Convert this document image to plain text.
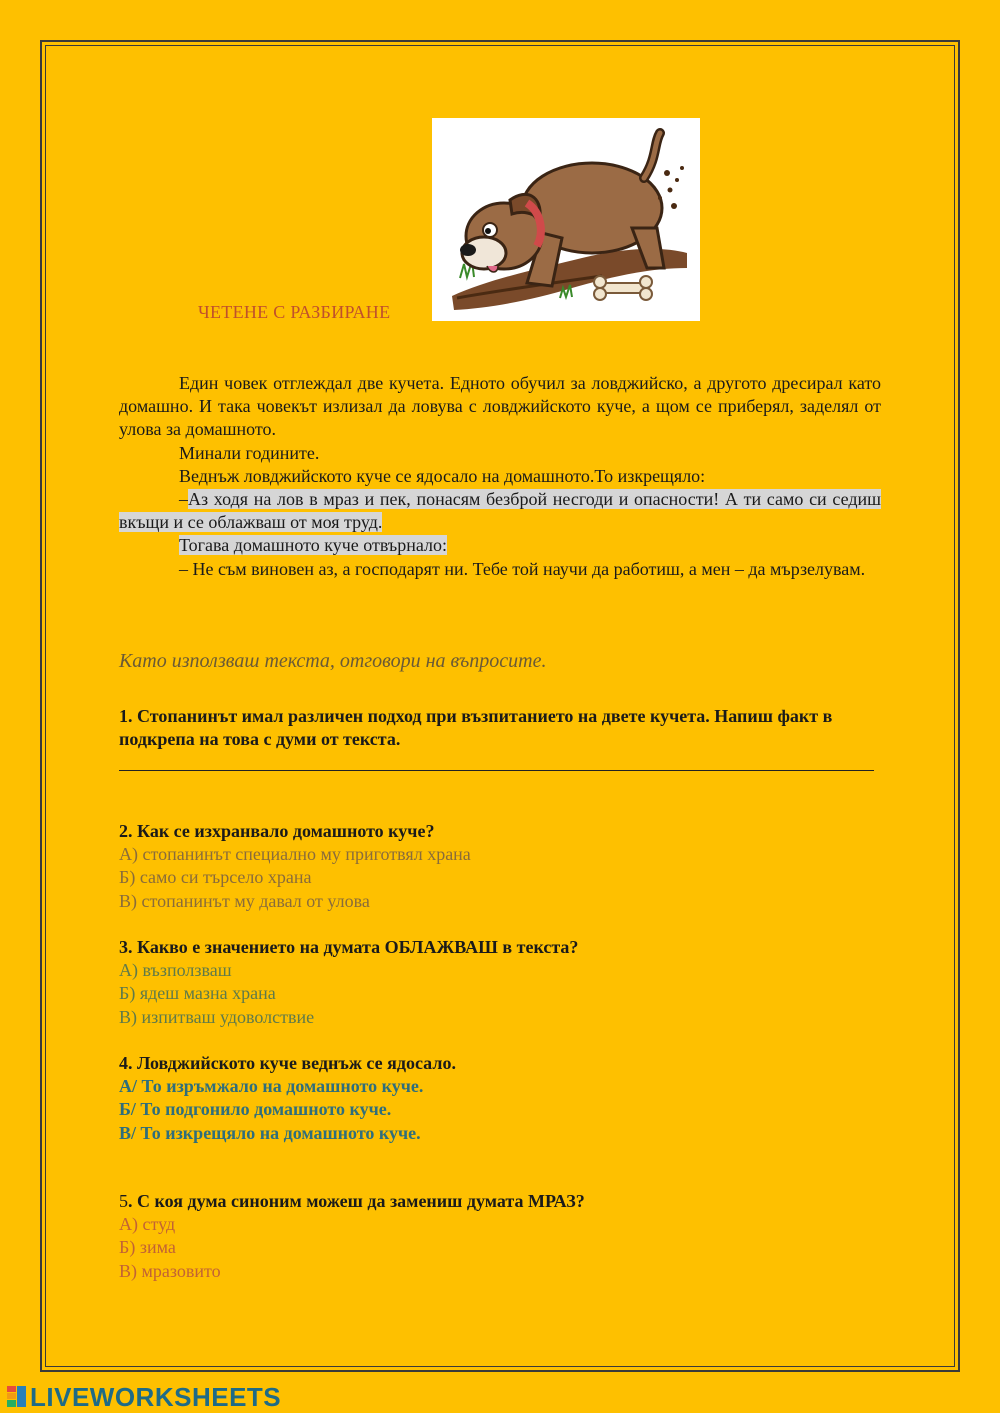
ЧЕТЕНЕ С РАЗБИРАНЕ

Един човек отглеждал две кучета. Едното обучил за ловджийско, а другото дресирал като домашно. И така човекът излизал да ловува с ловджийското куче, а щом се приберял, заделял от улова за домашното.

Минали годините.

Веднъж ловджийското куче се ядосало на домашното.То изкрещяло:

–Аз ходя на лов в мраз и пек, понасям безброй несгоди и опасности! А ти само си седиш вкъщи и се облажваш от моя труд.

Тогава домашното куче отвърнало:

– Не съм виновен аз, а господарят ни. Тебе той научи да работиш, а мен – да мързелувам.

Като използваш текста, отговори на въпросите.
1. Стопанинът имал различен подход при възпитанието на двете кучета. Напиш факт в подкрепа на това с думи от текста.
2. Как се изхранвало домашното куче?
А) стопанинът специално му приготвял храна
Б) само си търсело храна
В) стопанинът му давал от улова
3. Какво е значението на думата ОБЛАЖВАШ в текста?
А) възползваш
Б) ядеш мазна храна
В) изпитваш удоволствие
4. Ловджийското куче веднъж се ядосало.
А/ То изръмжало на домашното куче.
Б/ То подгонило домашното куче.
В/ То изкрещяло на домашното куче.
5. С коя дума синоним можеш да замениш думата МРАЗ?
А) студ
Б) зима
В) мразовито
LIVEWORKSHEETS
